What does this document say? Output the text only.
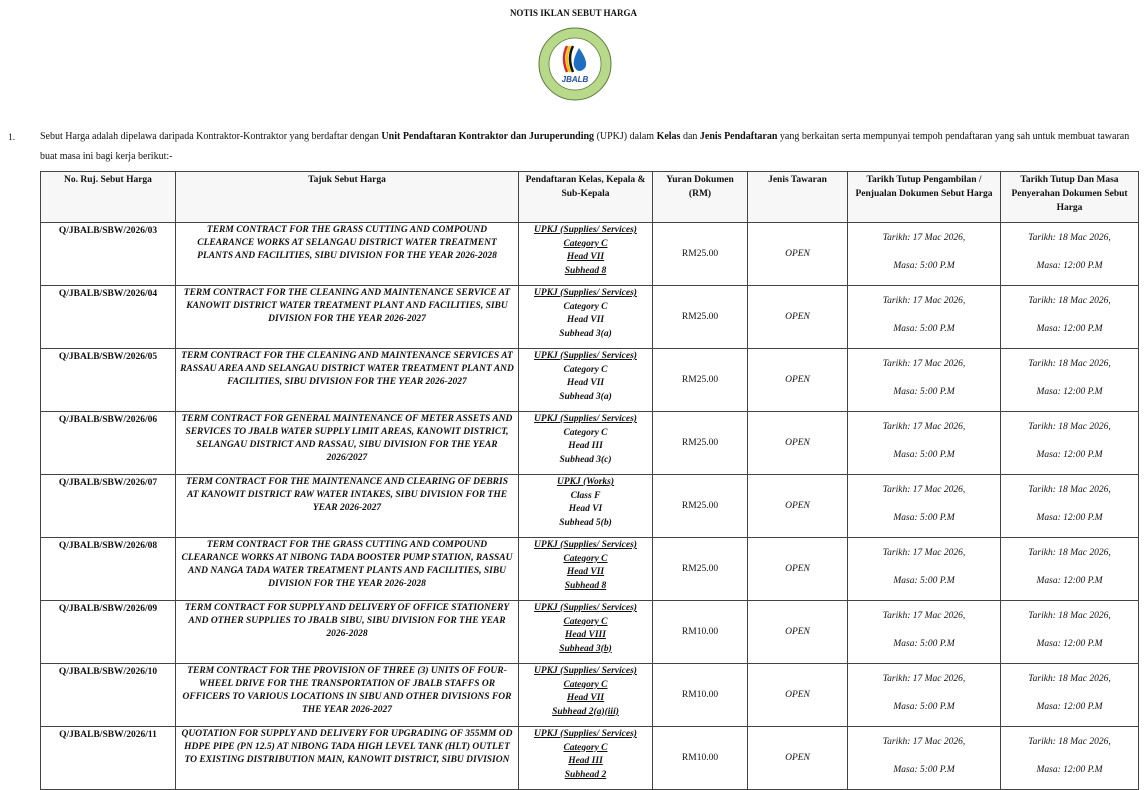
NOTIS IKLAN SEBUT HARGA
JBALB
1. Sebut Harga adalah dipelawa daripada Kontraktor-Kontraktor yang berdaftar dengan Unit Pendaftaran Kontraktor dan Juruperunding (UPKJ) dalam Kelas dan Jenis Pendaftaran yang berkaitan serta mempunyai tempoh pendaftaran yang sah untuk membuat tawaran buat masa ini bagi kerja berikut:-
No. Ruj. Sebut Harga	Tajuk Sebut Harga	Pendaftaran Kelas, Kepala & Sub-Kepala	Yuran Dokumen (RM)	Jenis Tawaran	Tarikh Tutup Pengambilan / Penjualan Dokumen Sebut Harga	Tarikh Tutup Dan Masa Penyerahan Dokumen Sebut Harga
Q/JBALB/SBW/2026/03	TERM CONTRACT FOR THE GRASS CUTTING AND COMPOUND CLEARANCE WORKS AT SELANGAU DISTRICT WATER TREATMENT PLANTS AND FACILITIES, SIBU DIVISION FOR THE YEAR 2026-2028	UPKJ (Supplies/ Services)
Category C
Head VII
Subhead 8	RM25.00	OPEN	Tarikh: 17 Mac 2026,
Masa: 5:00 P.M	Tarikh: 18 Mac 2026,
Masa: 12:00 P.M

Q/JBALB/SBW/2026/04	TERM CONTRACT FOR THE CLEANING AND MAINTENANCE SERVICE AT KANOWIT DISTRICT WATER TREATMENT PLANT AND FACILITIES, SIBU DIVISION FOR THE YEAR 2026-2027	UPKJ (Supplies/ Services)
Category C
Head VII
Subhead 3(a)	RM25.00	OPEN	Tarikh: 17 Mac 2026,
Masa: 5:00 P.M	Tarikh: 18 Mac 2026,
Masa: 12:00 P.M

Q/JBALB/SBW/2026/05	TERM CONTRACT FOR THE CLEANING AND MAINTENANCE SERVICES AT RASSAU AREA AND SELANGAU DISTRICT WATER TREATMENT PLANT AND FACILITIES, SIBU DIVISION FOR THE YEAR 2026-2027	UPKJ (Supplies/ Services)
Category C
Head VII
Subhead 3(a)	RM25.00	OPEN	Tarikh: 17 Mac 2026,
Masa: 5:00 P.M	Tarikh: 18 Mac 2026,
Masa: 12:00 P.M

Q/JBALB/SBW/2026/06	TERM CONTRACT FOR GENERAL MAINTENANCE OF METER ASSETS AND SERVICES TO JBALB WATER SUPPLY LIMIT AREAS, KANOWIT DISTRICT, SELANGAU DISTRICT AND RASSAU, SIBU DIVISION FOR THE YEAR 2026/2027	UPKJ (Supplies/ Services)
Category C
Head III
Subhead 3(c)	RM25.00	OPEN	Tarikh: 17 Mac 2026,
Masa: 5:00 P.M	Tarikh: 18 Mac 2026,
Masa: 12:00 P.M

Q/JBALB/SBW/2026/07	TERM CONTRACT FOR THE MAINTENANCE AND CLEARING OF DEBRIS AT KANOWIT DISTRICT RAW WATER INTAKES, SIBU DIVISION FOR THE YEAR 2026-2027	UPKJ (Works)
Class F
Head VI
Subhead 5(b)	RM25.00	OPEN	Tarikh: 17 Mac 2026,
Masa: 5:00 P.M	Tarikh: 18 Mac 2026,
Masa: 12:00 P.M

Q/JBALB/SBW/2026/08	TERM CONTRACT FOR THE GRASS CUTTING AND COMPOUND CLEARANCE WORKS AT NIBONG TADA BOOSTER PUMP STATION, RASSAU AND NANGA TADA WATER TREATMENT PLANTS AND FACILITIES, SIBU DIVISION FOR THE YEAR 2026-2028	UPKJ (Supplies/ Services)
Category C
Head VII
Subhead 8	RM25.00	OPEN	Tarikh: 17 Mac 2026,
Masa: 5:00 P.M	Tarikh: 18 Mac 2026,
Masa: 12:00 P.M

Q/JBALB/SBW/2026/09	TERM CONTRACT FOR SUPPLY AND DELIVERY OF OFFICE STATIONERY AND OTHER SUPPLIES TO JBALB SIBU, SIBU DIVISION FOR THE YEAR 2026-2028	UPKJ (Supplies/ Services)
Category C
Head VIII
Subhead 3(b)	RM10.00	OPEN	Tarikh: 17 Mac 2026,
Masa: 5:00 P.M	Tarikh: 18 Mac 2026,
Masa: 12:00 P.M

Q/JBALB/SBW/2026/10	TERM CONTRACT FOR THE PROVISION OF THREE (3) UNITS OF FOUR-WHEEL DRIVE FOR THE TRANSPORTATION OF JBALB STAFFS OR OFFICERS TO VARIOUS LOCATIONS IN SIBU AND OTHER DIVISIONS FOR THE YEAR 2026-2027	UPKJ (Supplies/ Services)
Category C
Head VII
Subhead 2(a)(iii)	RM10.00	OPEN	Tarikh: 17 Mac 2026,
Masa: 5:00 P.M	Tarikh: 18 Mac 2026,
Masa: 12:00 P.M

Q/JBALB/SBW/2026/11	QUOTATION FOR SUPPLY AND DELIVERY FOR UPGRADING OF 355MM OD HDPE PIPE (PN 12.5) AT NIBONG TADA HIGH LEVEL TANK (HLT) OUTLET TO EXISTING DISTRIBUTION MAIN, KANOWIT DISTRICT, SIBU DIVISION	UPKJ (Supplies/ Services)
Category C
Head III
Subhead 2	RM10.00	OPEN	Tarikh: 17 Mac 2026,
Masa: 5:00 P.M	Tarikh: 18 Mac 2026,
Masa: 12:00 P.M
